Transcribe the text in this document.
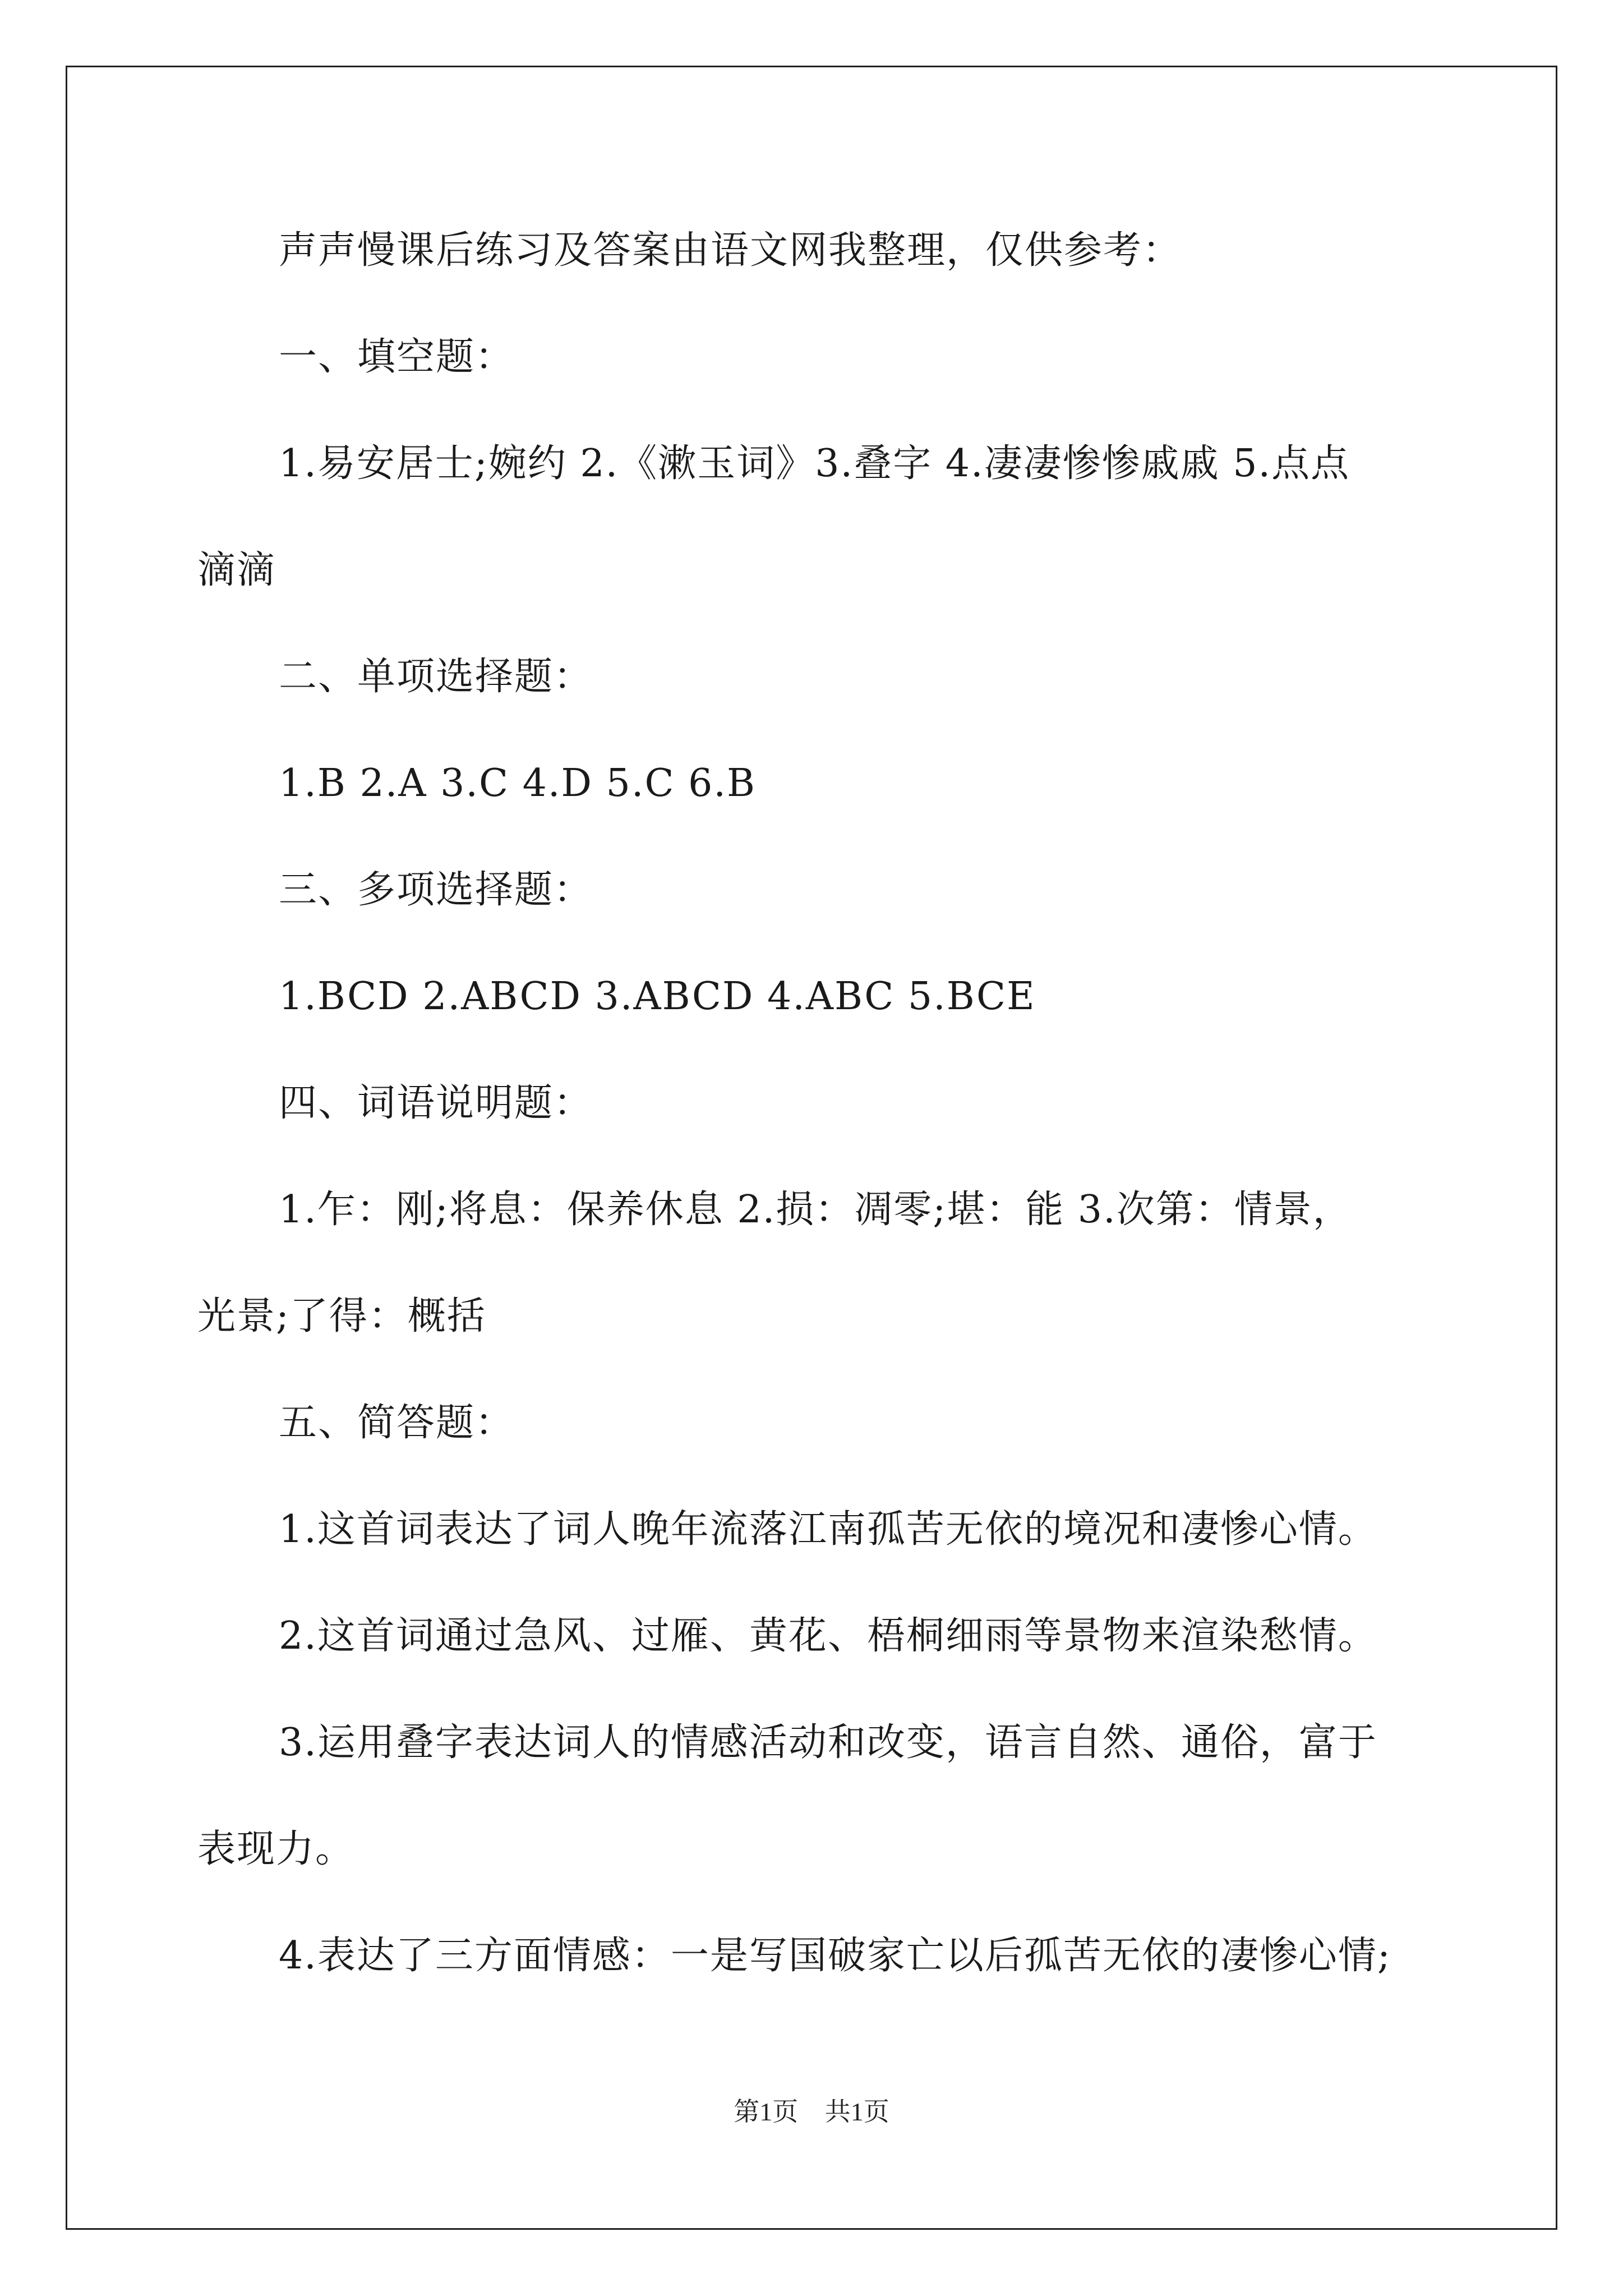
声声慢课后练习及答案由语文网我整理，仅供参考：
一、填空题：
1.易安居士;婉约 2.《漱玉词》3.叠字 4.凄凄惨惨戚戚 5.点点
滴滴
二、单项选择题：
1.B 2.A 3.C 4.D 5.C 6.B
三、多项选择题：
1.BCD 2.ABCD 3.ABCD 4.ABC 5.BCE
四、词语说明题：
1.乍：刚;将息：保养休息 2.损：凋零;堪：能 3.次第：情景，
光景;了得：概括
五、简答题：
1.这首词表达了词人晚年流落江南孤苦无依的境况和凄惨心情。
2.这首词通过急风、过雁、黄花、梧桐细雨等景物来渲染愁情。
3.运用叠字表达词人的情感活动和改变，语言自然、通俗，富于
表现力。
4.表达了三方面情感：一是写国破家亡以后孤苦无依的凄惨心情;
第1页 共1页
